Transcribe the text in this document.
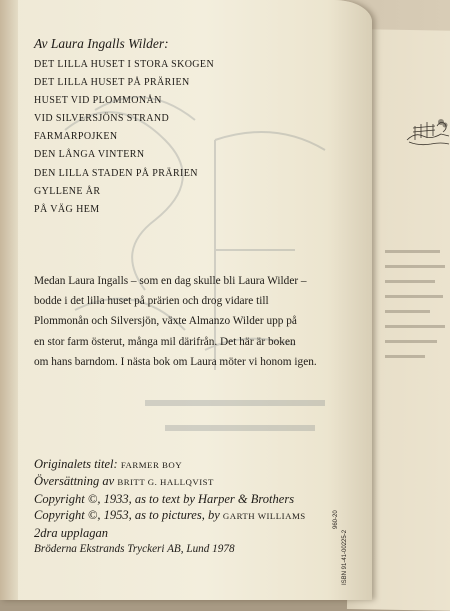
Av Laura Ingalls Wilder:
DET LILLA HUSET I STORA SKOGEN
DET LILLA HUSET PÅ PRÄRIEN
HUSET VID PLOMMONÅN
VID SILVERSJÖNS STRAND
FARMARPOJKEN
DEN LÅNGA VINTERN
DEN LILLA STADEN PÅ PRÄRIEN
GYLLENE ÅR
PÅ VÄG HEM
Medan Laura Ingalls – som en dag skulle bli Laura Wilder –
bodde i det lilla huset på prärien och drog vidare till
Plommonån och Silversjön, växte Almanzo Wilder upp på
en stor farm österut, många mil därifrån. Det här är boken
om hans barndom. I nästa bok om Laura möter vi honom igen.
Originalets titel: FARMER BOY
Översättning av BRITT G. HALLQVIST
Copyright ©, 1933, as to text by Harper & Brothers
Copyright ©, 1953, as to pictures, by GARTH WILLIAMS
2dra upplagan
Bröderna Ekstrands Tryckeri AB, Lund 1978
960-20
ISBN 91-41-00225-2
